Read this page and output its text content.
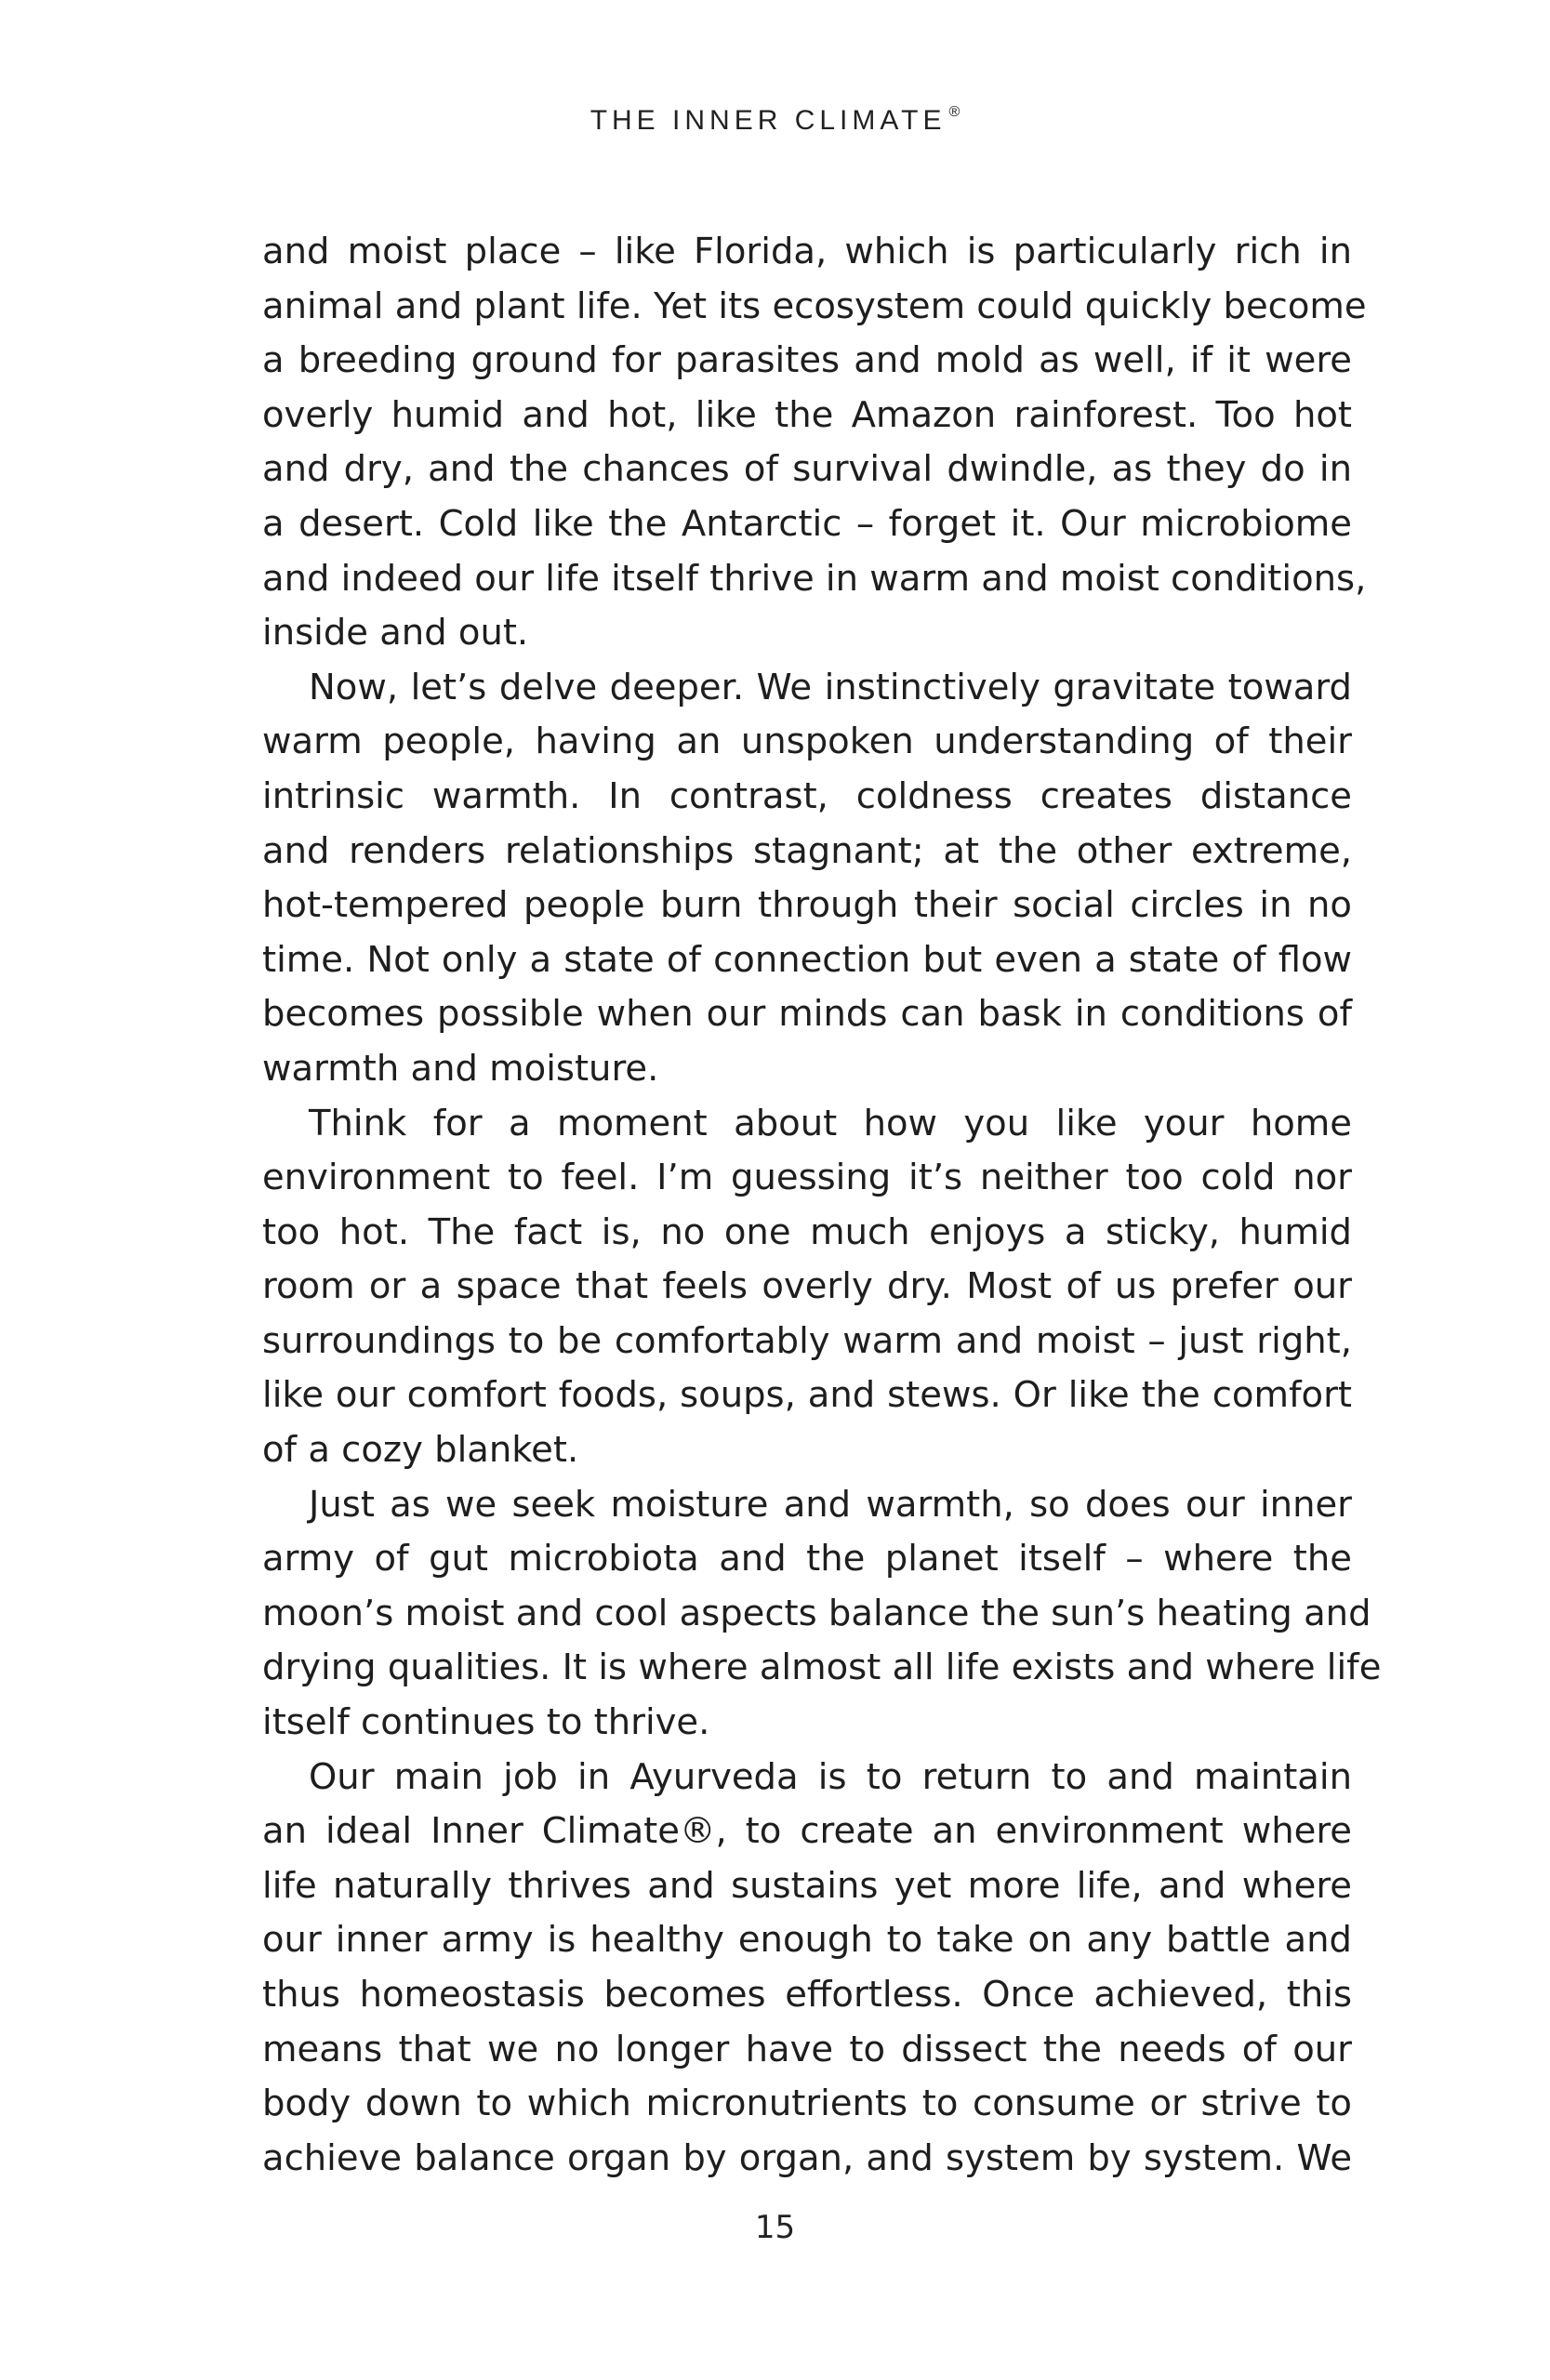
THE INNER CLIMATE ®
and moist place – like Florida, which is particularly rich in
animal and plant life. Yet its ecosystem could quickly become
a breeding ground for parasites and mold as well, if it were
overly humid and hot, like the Amazon rainforest. Too hot
and dry, and the chances of survival dwindle, as they do in
a desert. Cold like the Antarctic – forget it. Our microbiome
and indeed our life itself thrive in warm and moist conditions,
inside and out.
Now, let’s delve deeper. We instinctively gravitate toward
warm people, having an unspoken understanding of their
intrinsic warmth. In contrast, coldness creates distance
and renders relationships stagnant; at the other extreme,
hot-tempered people burn through their social circles in no
time. Not only a state of connection but even a state of flow
becomes possible when our minds can bask in conditions of
warmth and moisture.
Think for a moment about how you like your home
environment to feel. I’m guessing it’s neither too cold nor
too hot. The fact is, no one much enjoys a sticky, humid
room or a space that feels overly dry. Most of us prefer our
surroundings to be comfortably warm and moist – just right,
like our comfort foods, soups, and stews. Or like the comfort
of a cozy blanket.
Just as we seek moisture and warmth, so does our inner
army of gut microbiota and the planet itself – where the
moon’s moist and cool aspects balance the sun’s heating and
drying qualities. It is where almost all life exists and where life
itself continues to thrive.
Our main job in Ayurveda is to return to and maintain
an ideal Inner Climate®, to create an environment where
life naturally thrives and sustains yet more life, and where
our inner army is healthy enough to take on any battle and
thus homeostasis becomes effortless. Once achieved, this
means that we no longer have to dissect the needs of our
body down to which micronutrients to consume or strive to
achieve balance organ by organ, and system by system. We
15
